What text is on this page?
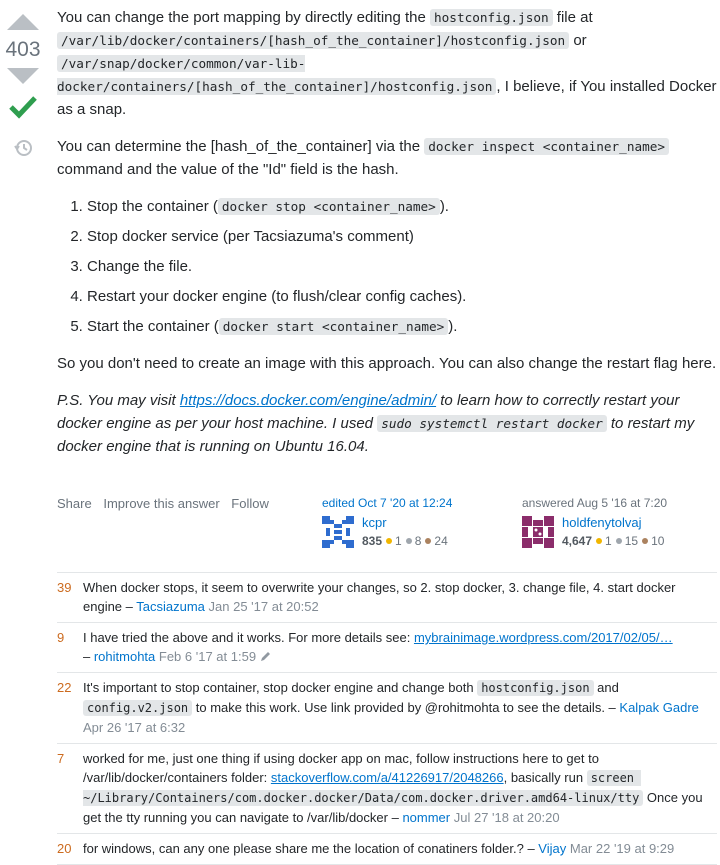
403

You can change the port mapping by directly editing the hostconfig.json file at /var/lib/docker/containers/[hash_of_the_container]/hostconfig.json or /var/snap/docker/common/var-lib-docker/containers/[hash_of_the_container]/hostconfig.json , I believe, if You installed Docker as a snap.

You can determine the [hash_of_the_container] via the docker inspect <container_name> command and the value of the "Id" field is the hash.

1. Stop the container ( docker stop <container_name> ).
2. Stop docker service (per Tacsiazuma's comment)
3. Change the file.
4. Restart your docker engine (to flush/clear config caches).
5. Start the container ( docker start <container_name> ).

So you don't need to create an image with this approach. You can also change the restart flag here.

P.S. You may visit https://docs.docker.com/engine/admin/ to learn how to correctly restart your docker engine as per your host machine. I used sudo systemctl restart docker to restart my docker engine that is running on Ubuntu 16.04.

Share Improve this answer Follow	edited Oct 7 '20 at 12:24
kcpr
835 1 8 24
answered Aug 5 '16 at 7:20
holdfenytolvaj
4,647 1 15 10
39 When docker stops, it seem to overwrite your changes, so 2. stop docker, 3. change file, 4. start docker engine – Tacsiazuma Jan 25 '17 at 20:52
9	I have tried the above and it works. For more details see: mybrainimage.wordpress.com/2017/02/05/…
– rohitmohta Feb 6 '17 at 1:59
22 It's important to stop container, stop docker engine and change both hostconfig.json and config.v2.json to make this work. Use link provided by @rohitmohta to see the details. – Kalpak Gadre Apr 26 '17 at 6:32
7	worked for me, just one thing if using docker app on mac, follow instructions here to get to /var/lib/docker/containers folder: stackoverflow.com/a/41226917/2048266, basically run screen ~/Library/Containers/com.docker.docker/Data/com.docker.driver.amd64-linux/tty Once you get the tty running you can navigate to /var/lib/docker – nommer Jul 27 '18 at 20:20
20 for windows, can any one please share me the location of conatiners folder.? – Vijay Mar 22 '19 at 9:29
